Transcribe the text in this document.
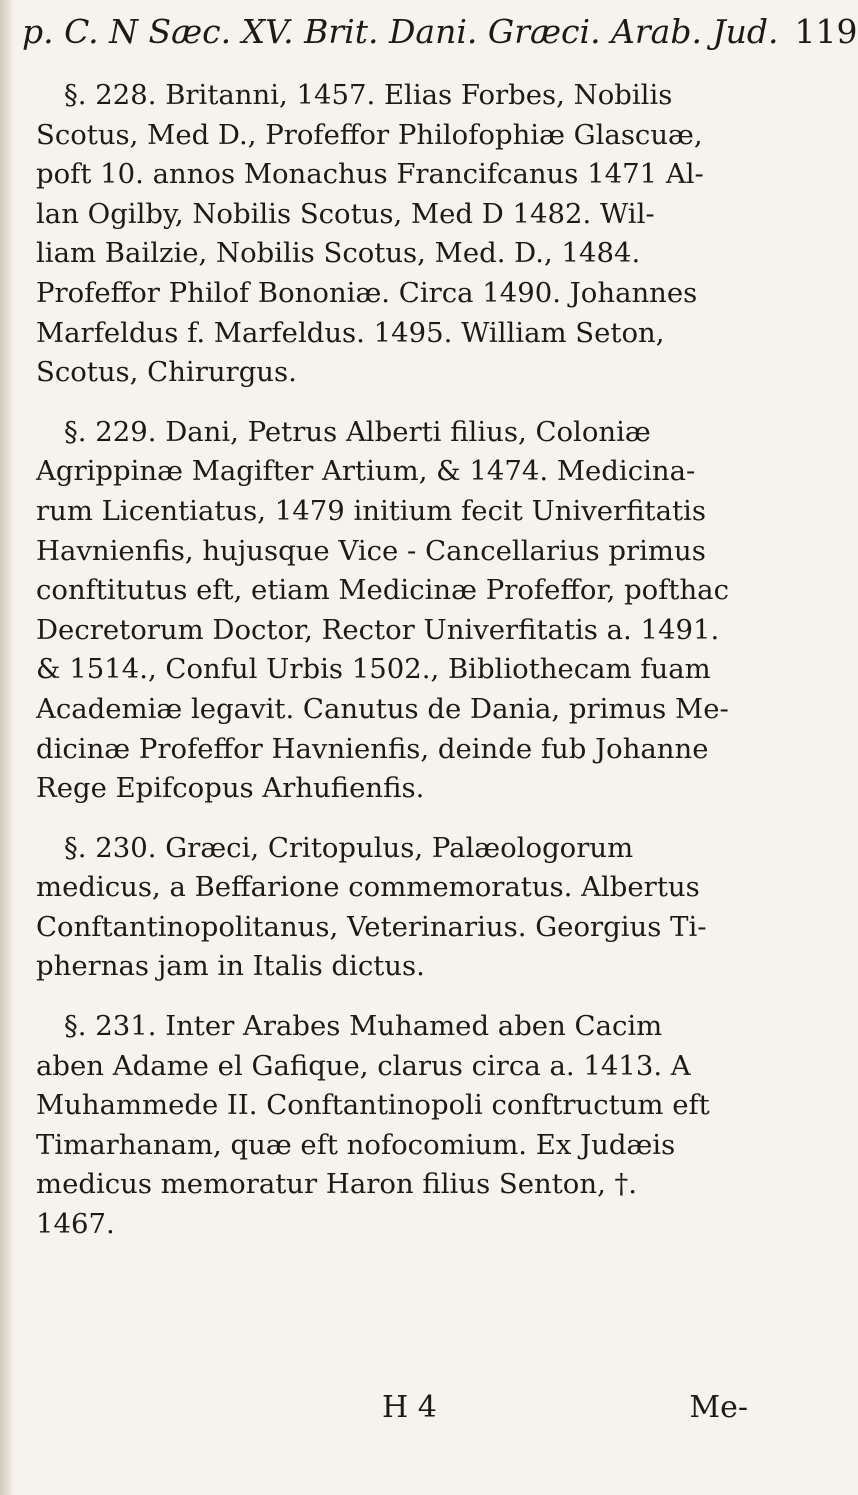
p. C. N Sæc. XV. Brit. Dani. Græci. Arab. Jud. 119
§. 228. Britanni, 1457. Elias Forbes, Nobilis
Scotus, Med D., Profeffor Philofophiæ Glascuæ,
poft 10. annos Monachus Francifcanus 1471 Al-
lan Ogilby, Nobilis Scotus, Med D 1482. Wil-
liam Bailzie, Nobilis Scotus, Med. D., 1484.
Profeffor Philof Bononiæ. Circa 1490. Johannes
Marfeldus f. Marfeldus. 1495. William Seton,
Scotus, Chirurgus.
§. 229. Dani, Petrus Alberti filius, Coloniæ
Agrippinæ Magifter Artium, & 1474. Medicina-
rum Licentiatus, 1479 initium fecit Univerfitatis
Havnienfis, hujusque Vice - Cancellarius primus
conftitutus eft, etiam Medicinæ Profeffor, pofthac
Decretorum Doctor, Rector Univerfitatis a. 1491.
& 1514., Conful Urbis 1502., Bibliothecam fuam
Academiæ legavit. Canutus de Dania, primus Me-
dicinæ Profeffor Havnienfis, deinde fub Johanne
Rege Epifcopus Arhufienfis.
§. 230. Græci, Critopulus, Palæologorum
medicus, a Beffarione commemoratus. Albertus
Conftantinopolitanus, Veterinarius. Georgius Ti-
phernas jam in Italis dictus.
§. 231. Inter Arabes Muhamed aben Cacim
aben Adame el Gafique, clarus circa a. 1413. A
Muhammede II. Conftantinopoli conftructum eft
Timarhanam, quæ eft nofocomium. Ex Judæis
medicus memoratur Haron filius Senton, †.
1467.
H 4	Me-
